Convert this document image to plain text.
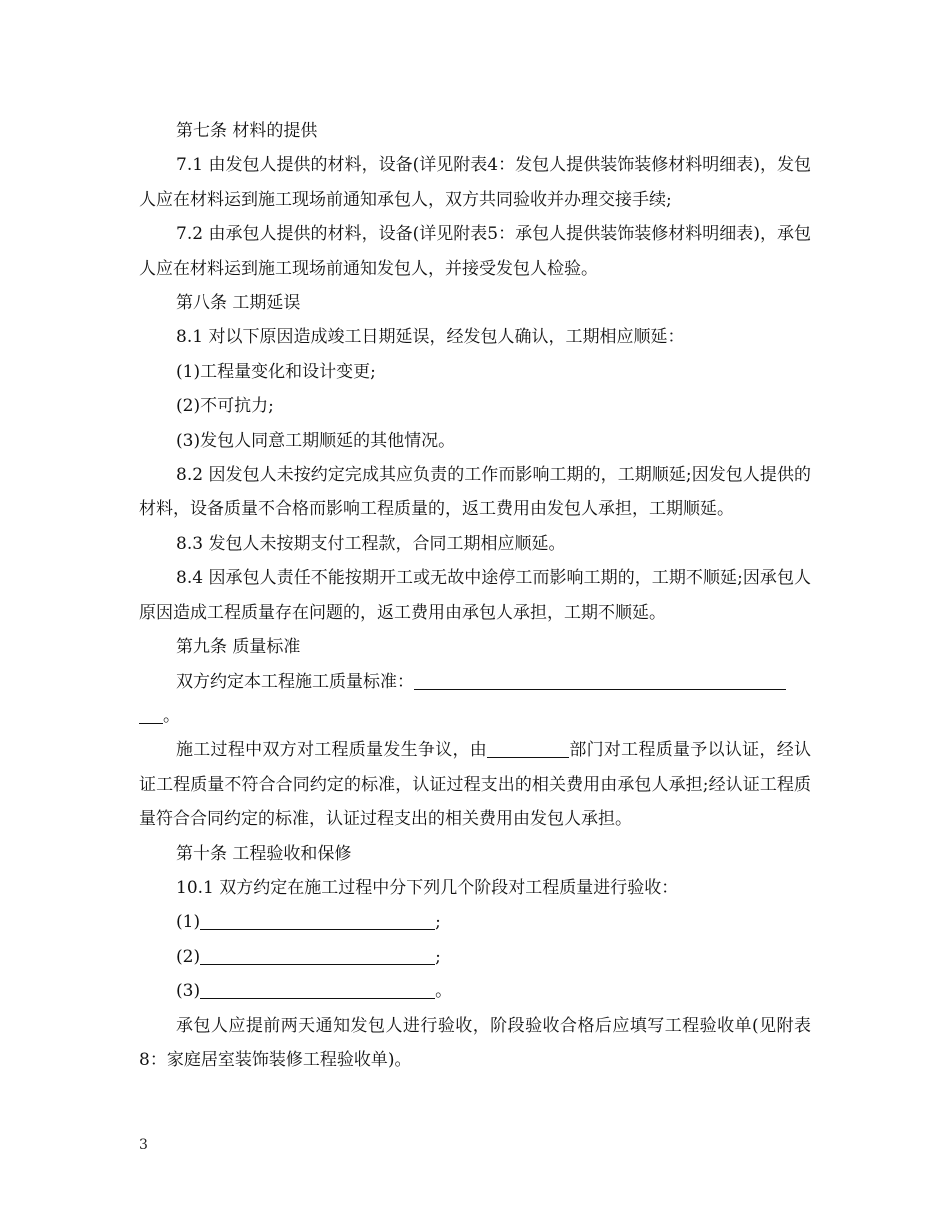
第七条 材料的提供

7.1 由发包人提供的材料，设备(详见附表4：发包人提供装饰装修材料明细表)，发包人应在材料运到施工现场前通知承包人，双方共同验收并办理交接手续;

7.2 由承包人提供的材料，设备(详见附表5：承包人提供装饰装修材料明细表)，承包人应在材料运到施工现场前通知发包人，并接受发包人检验。

第八条 工期延误

8.1 对以下原因造成竣工日期延误，经发包人确认，工期相应顺延：

(1)工程量变化和设计变更;

(2)不可抗力;

(3)发包人同意工期顺延的其他情况。

8.2 因发包人未按约定完成其应负责的工作而影响工期的，工期顺延;因发包人提供的材料，设备质量不合格而影响工程质量的，返工费用由发包人承担，工期顺延。

8.3 发包人未按期支付工程款，合同工期相应顺延。

8.4 因承包人责任不能按期开工或无故中途停工而影响工期的，工期不顺延;因承包人原因造成工程质量存在问题的，返工费用由承包人承担，工期不顺延。

第九条 质量标准

双方约定本工程施工质量标准：

。

施工过程中双方对工程质量发生争议，由	部门对工程质量予以认证，经认证工程质量不符合合同约定的标准，认证过程支出的相关费用由承包人承担;经认证工程质量符合合同约定的标准，认证过程支出的相关费用由发包人承担。

第十条 工程验收和保修

10.1 双方约定在施工过程中分下列几个阶段对工程质量进行验收：

(1)	;

(2)	;

(3)	。

承包人应提前两天通知发包人进行验收，阶段验收合格后应填写工程验收单(见附表8：家庭居室装饰装修工程验收单)。

3
